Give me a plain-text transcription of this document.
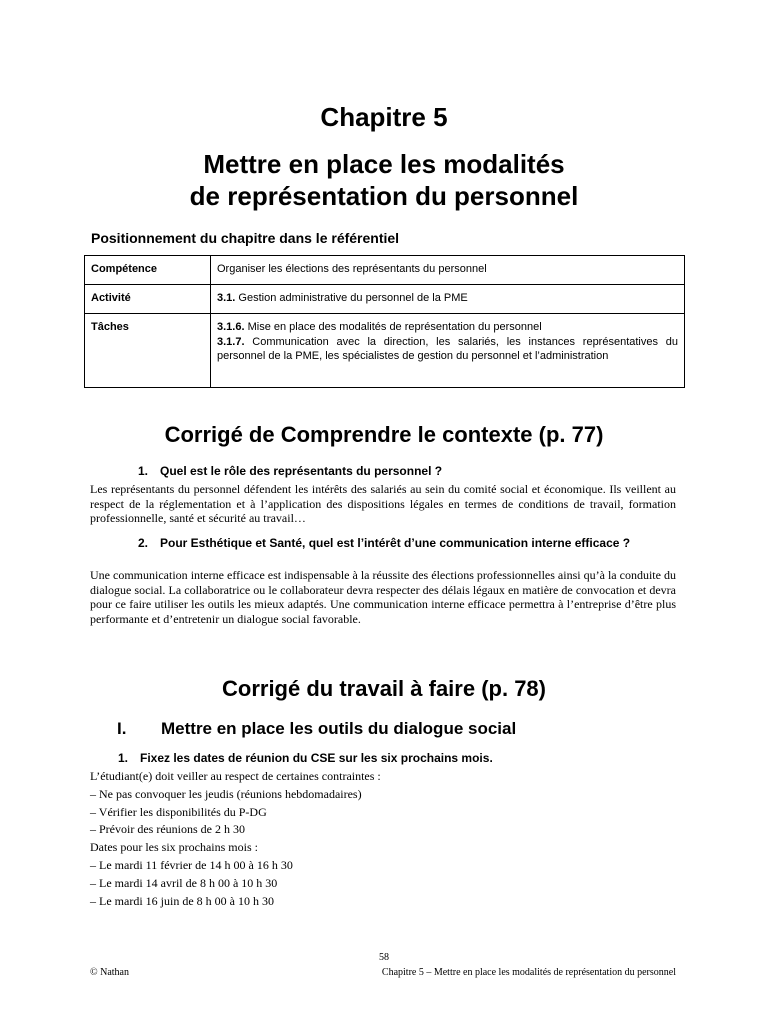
Chapitre 5
Mettre en place les modalités
de représentation du personnel
Positionnement du chapitre dans le référentiel
Compétence	Organiser les élections des représentants du personnel
Activité	3.1. Gestion administrative du personnel de la PME
Tâches	3.1.6. Mise en place des modalités de représentation du personnel
3.1.7. Communication avec la direction, les salariés, les instances représentatives du personnel de la PME, les spécialistes de gestion du personnel et l’administration
Corrigé de Comprendre le contexte (p. 77)
1. Quel est le rôle des représentants du personnel ?

Les représentants du personnel défendent les intérêts des salariés au sein du comité social et économique. Ils veillent au respect de la réglementation et à l’application des dispositions légales en termes de conditions de travail, formation professionnelle, santé et sécurité au travail…

2. Pour Esthétique et Santé, quel est l’intérêt d’une communication interne efficace ?

Une communication interne efficace est indispensable à la réussite des élections professionnelles ainsi qu’à la conduite du dialogue social. La collaboratrice ou le collaborateur devra respecter des délais légaux en matière de convocation et devra pour ce faire utiliser les outils les mieux adaptés. Une communication interne efficace permettra à l’entreprise d’être plus performante et d’entretenir un dialogue social favorable.

Corrigé du travail à faire (p. 78)
I. Mettre en place les outils du dialogue social
1. Fixez les dates de réunion du CSE sur les six prochains mois.
L’étudiant(e) doit veiller au respect de certaines contraintes :
– Ne pas convoquer les jeudis (réunions hebdomadaires)
– Vérifier les disponibilités du P-DG
– Prévoir des réunions de 2 h 30
Dates pour les six prochains mois :
– Le mardi 11 février de 14 h 00 à 16 h 30
– Le mardi 14 avril de 8 h 00 à 10 h 30
– Le mardi 16 juin de 8 h 00 à 10 h 30
58
© Nathan	Chapitre 5 – Mettre en place les modalités de représentation du personnel
